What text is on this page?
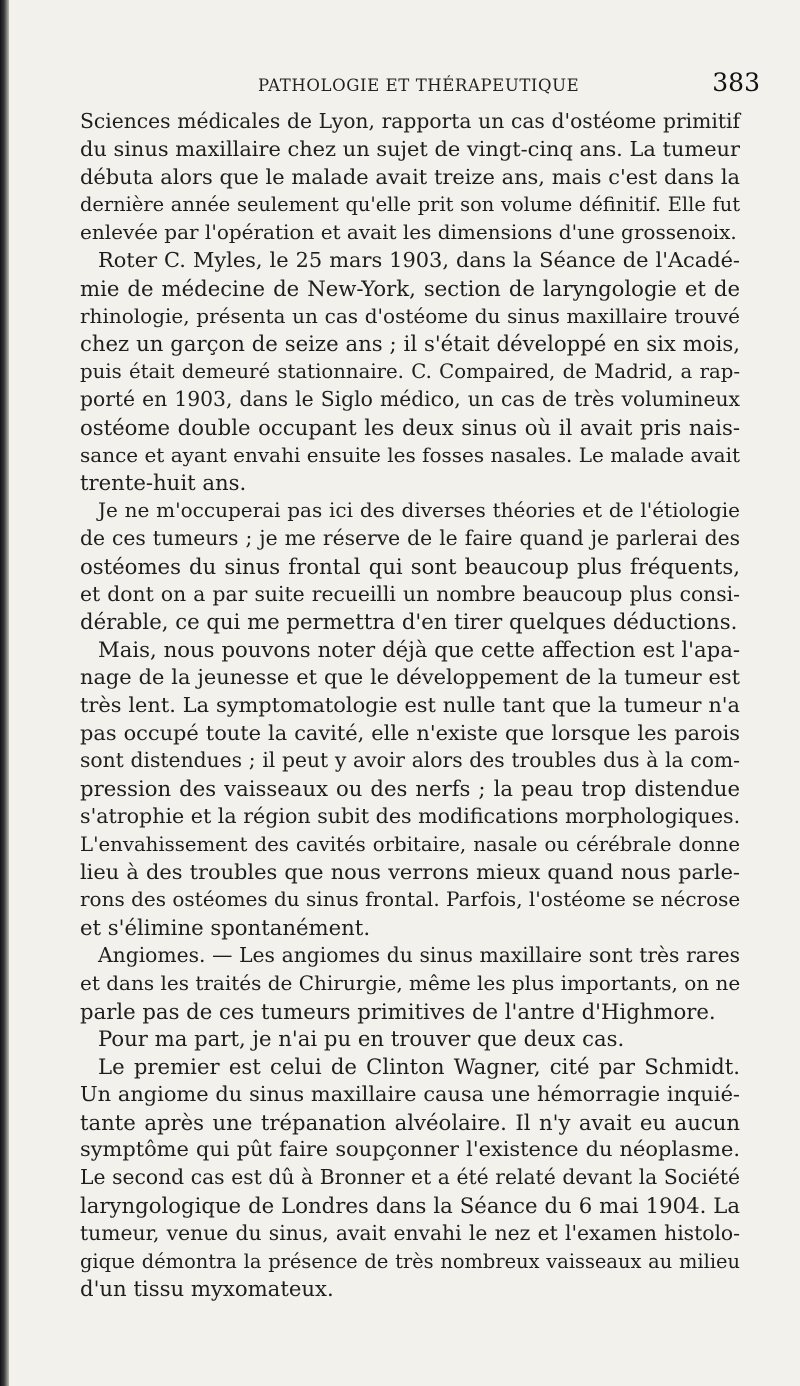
PATHOLOGIE ET THÉRAPEUTIQUE	383
Sciences médicales de Lyon, rapporta un cas d'ostéome primitif
du sinus maxillaire chez un sujet de vingt-cinq ans. La tumeur
débuta alors que le malade avait treize ans, mais c'est dans la
dernière année seulement qu'elle prit son volume définitif. Elle fut
enlevée par l'opération et avait les dimensions d'une grossenoix.
Roter C. Myles, le 25 mars 1903, dans la Séance de l'Acadé-
mie de médecine de New-York, section de laryngologie et de
rhinologie, présenta un cas d'ostéome du sinus maxillaire trouvé
chez un garçon de seize ans ; il s'était développé en six mois,
puis était demeuré stationnaire. C. Compaired, de Madrid, a rap-
porté en 1903, dans le Siglo médico, un cas de très volumineux
ostéome double occupant les deux sinus où il avait pris nais-
sance et ayant envahi ensuite les fosses nasales. Le malade avait
trente-huit ans.
Je ne m'occuperai pas ici des diverses théories et de l'étiologie
de ces tumeurs ; je me réserve de le faire quand je parlerai des
ostéomes du sinus frontal qui sont beaucoup plus fréquents,
et dont on a par suite recueilli un nombre beaucoup plus consi-
dérable, ce qui me permettra d'en tirer quelques déductions.
Mais, nous pouvons noter déjà que cette affection est l'apa-
nage de la jeunesse et que le développement de la tumeur est
très lent. La symptomatologie est nulle tant que la tumeur n'a
pas occupé toute la cavité, elle n'existe que lorsque les parois
sont distendues ; il peut y avoir alors des troubles dus à la com-
pression des vaisseaux ou des nerfs ; la peau trop distendue
s'atrophie et la région subit des modifications morphologiques.
L'envahissement des cavités orbitaire, nasale ou cérébrale donne
lieu à des troubles que nous verrons mieux quand nous parle-
rons des ostéomes du sinus frontal. Parfois, l'ostéome se nécrose
et s'élimine spontanément.
Angiomes. — Les angiomes du sinus maxillaire sont très rares
et dans les traités de Chirurgie, même les plus importants, on ne
parle pas de ces tumeurs primitives de l'antre d'Highmore.
Pour ma part, je n'ai pu en trouver que deux cas.
Le premier est celui de Clinton Wagner, cité par Schmidt.
Un angiome du sinus maxillaire causa une hémorragie inquié-
tante après une trépanation alvéolaire. Il n'y avait eu aucun
symptôme qui pût faire soupçonner l'existence du néoplasme.
Le second cas est dû à Bronner et a été relaté devant la Société
laryngologique de Londres dans la Séance du 6 mai 1904. La
tumeur, venue du sinus, avait envahi le nez et l'examen histolo-
gique démontra la présence de très nombreux vaisseaux au milieu
d'un tissu myxomateux.
